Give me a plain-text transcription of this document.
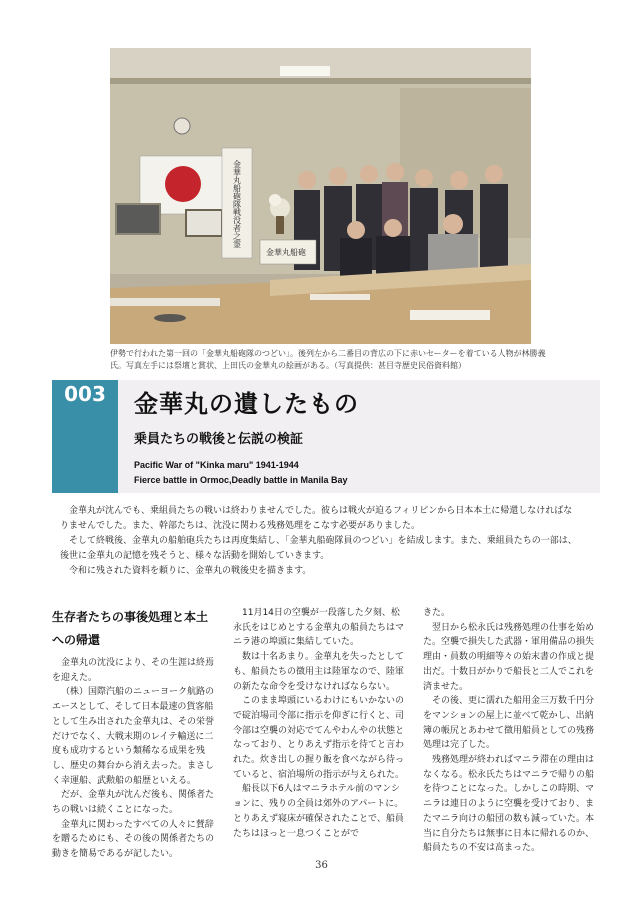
金華丸船砲隊戦没者之霊
金華丸船砲
伊勢で行われた第一回の「金華丸船砲隊のつどい」。後列左から二番目の背広の下に赤いセーターを着ている人物が林勝義氏。写真左手には祭壇と賞状、上田氏の金華丸の絵画がある。（写真提供：甚目寺歴史民俗資料館）
003	金華丸の遺したもの
乗員たちの戦後と伝説の検証
Pacific War of "Kinka maru" 1941-1944
Fierce battle in Ormoc,Deadly battle in Manila Bay

金華丸が沈んでも、乗組員たちの戦いは終わりませんでした。彼らは戦火が迫るフィリピンから日本本土に帰還しなければなりませんでした。また、幹部たちは、沈没に関わる残務処理をこなす必要がありました。

そして終戦後、金華丸の船舶砲兵たちは再度集結し、「金華丸船砲隊員のつどい」を結成します。また、乗組員たちの一部は、後世に金華丸の記憶を残そうと、様々な活動を開始していきます。

令和に残された資料を頼りに、金華丸の戦後史を描きます。

生存者たちの事後処理と本土への帰還

金華丸の沈没により、その生涯は終焉を迎えた。

（株）国際汽船のニューヨーク航路のエースとして、そして日本最速の貨客船として生み出された金華丸は、その栄誉だけでなく、大戦末期のレイテ輸送に二度も成功するという類稀なる成果を残し、歴史の舞台から消え去った。まさしく幸運船、武勲船の船歴といえる。

だが、金華丸が沈んだ後も、関係者たちの戦いは続くことになった。

金華丸に関わったすべての人々に賛辞を贈るためにも、その後の関係者たちの動きを簡易であるが記したい。

11月14日の空襲が一段落した夕刻、松永氏をはじめとする金華丸の船員たちはマニラ港の埠頭に集結していた。

数は十名あまり。金華丸を失ったとしても、船員たちの徴用主は陸軍なので、陸軍の新たな命令を受けなければならない。

このまま埠頭にいるわけにもいかないので碇泊場司令部に指示を仰ぎに行くと、司令部は空襲の対応でてんやわんやの状態となっており、とりあえず指示を待てと言われた。炊き出しの握り飯を食べながら待っていると、宿泊場所の指示が与えられた。

船長以下6人はマニラホテル前のマンションに、残りの全員は郊外のアパートに。とりあえず寝床が確保されたことで、船員たちはほっと一息つくことがで

きた。

翌日から松永氏は残務処理の仕事を始めた。空襲で損失した武器・軍用備品の損失理由・員数の明細等々の始末書の作成と提出だ。十数日がかりで船長と二人でこれを済ませた。

その後、更に濡れた船用金三万数千円分をマンションの屋上に並べて乾かし、出納簿の帳尻とあわせて徴用船員としての残務処理は完了した。

残務処理が終わればマニラ滞在の理由はなくなる。松永氏たちはマニラで帰りの船を待つことになった。しかしこの時期、マニラは連日のように空襲を受けており、またマニラ向けの船団の数も減っていた。本当に自分たちは無事に日本に帰れるのか、船員たちの不安は高まった。

36
